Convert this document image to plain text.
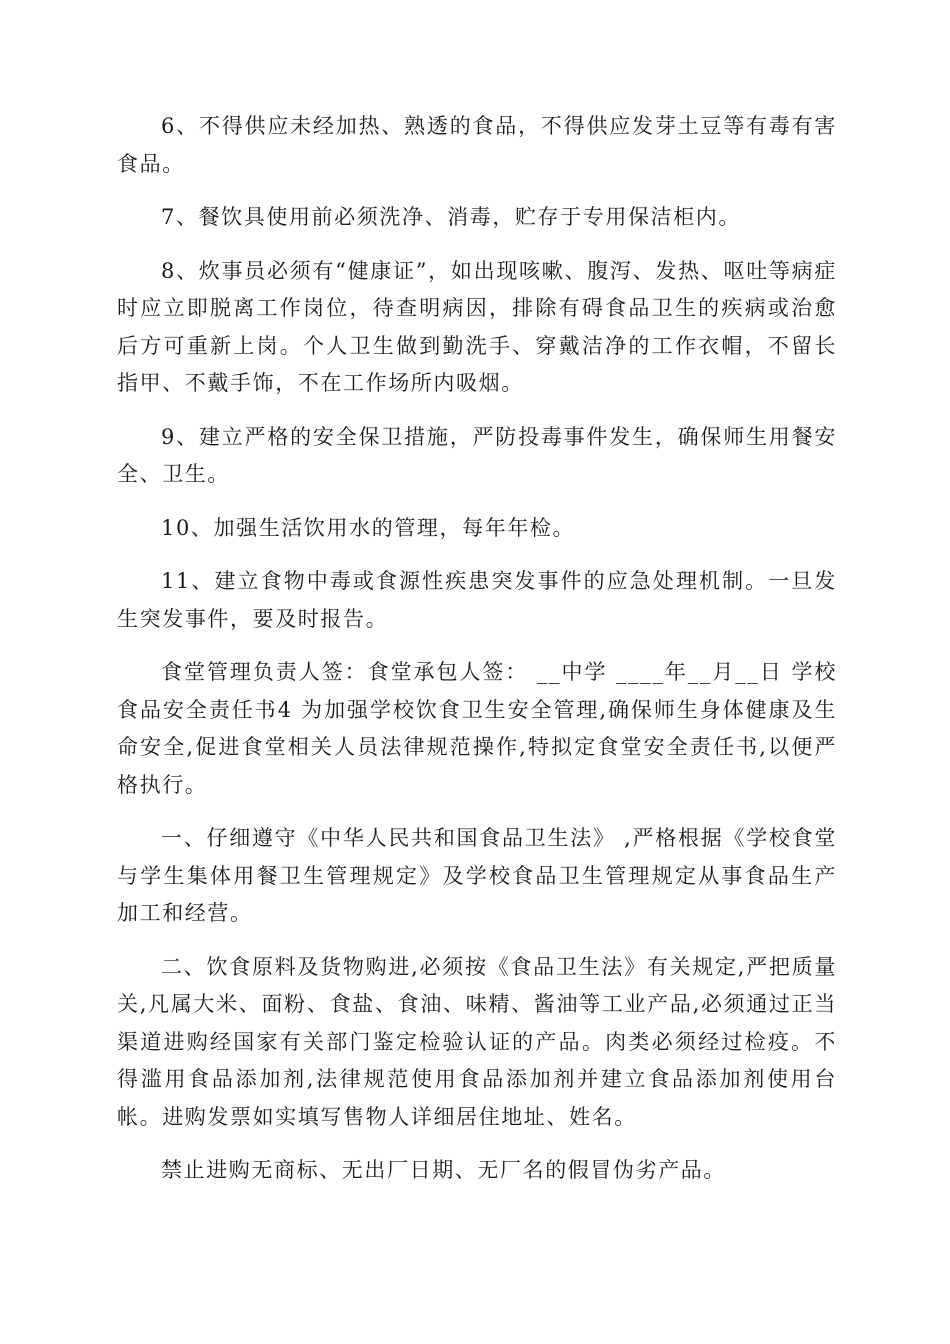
6、不得供应未经加热、熟透的食品，不得供应发芽土豆等有毒有害食品。

7、餐饮具使用前必须洗净、消毒，贮存于专用保洁柜内。

8、炊事员必须有“健康证”，如出现咳嗽、腹泻、发热、呕吐等病症时应立即脱离工作岗位，待查明病因，排除有碍食品卫生的疾病或治愈后方可重新上岗。个人卫生做到勤洗手、穿戴洁净的工作衣帽，不留长指甲、不戴手饰，不在工作场所内吸烟。

9、建立严格的安全保卫措施，严防投毒事件发生，确保师生用餐安全、卫生。

10、加强生活饮用水的管理，每年年检。

11、建立食物中毒或食源性疾患突发事件的应急处理机制。一旦发生突发事件，要及时报告。

食堂管理负责人签：食堂承包人签： __中学 ____年__月__日 学校食品安全责任书4 为加强学校饮食卫生安全管理,确保师生身体健康及生命安全,促进食堂相关人员法律规范操作,特拟定食堂安全责任书,以便严格执行。

一、仔细遵守《中华人民共和国食品卫生法》 ,严格根据《学校食堂与学生集体用餐卫生管理规定》及学校食品卫生管理规定从事食品生产加工和经营。

二、饮食原料及货物购进,必须按《食品卫生法》有关规定,严把质量关,凡属大米、面粉、食盐、食油、味精、酱油等工业产品,必须通过正当渠道进购经国家有关部门鉴定检验认证的产品。肉类必须经过检疫。不得滥用食品添加剂,法律规范使用食品添加剂并建立食品添加剂使用台帐。进购发票如实填写售物人详细居住地址、姓名。

禁止进购无商标、无出厂日期、无厂名的假冒伪劣产品。
